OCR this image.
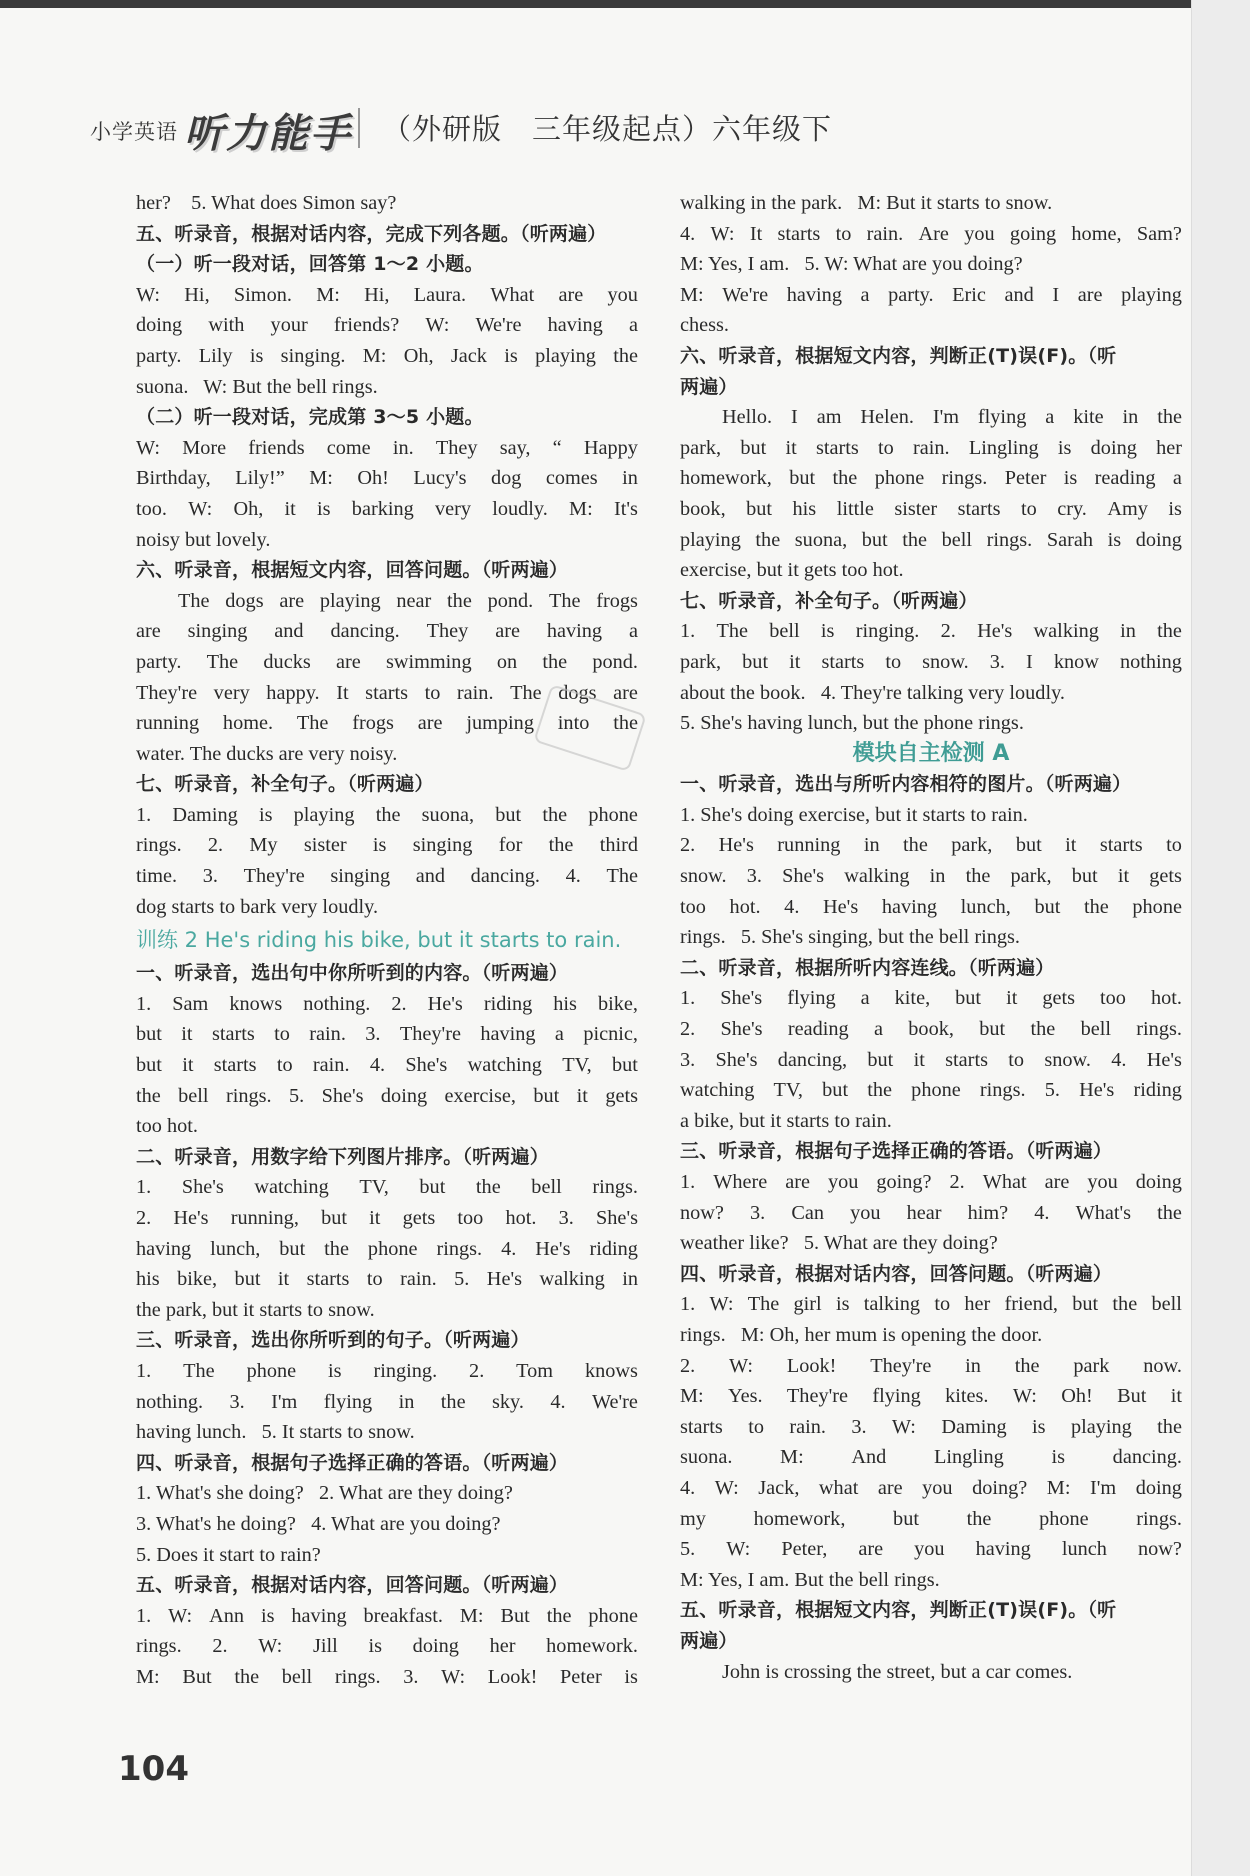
小学英语 听力能手 （外研版　三年级起点）六年级下
her?    5. What does Simon say?
五、听录音，根据对话内容，完成下列各题。（听两遍）
（一）听一段对话，回答第 1～2 小题。
W: Hi, Simon. M: Hi, Laura. What are you
doing with your friends? W: We're having a
party. Lily is singing. M: Oh, Jack is playing the
suona.   W: But the bell rings.
（二）听一段对话，完成第 3～5 小题。
W: More friends come in. They say, “ Happy
Birthday, Lily!” M: Oh! Lucy's dog comes in
too. W: Oh, it is barking very loudly. M: It's
noisy but lovely.
六、听录音，根据短文内容，回答问题。（听两遍）
The dogs are playing near the pond. The frogs
are singing and dancing. They are having a
party. The ducks are swimming on the pond.
They're very happy. It starts to rain. The dogs are
running home. The frogs are jumping into the
water. The ducks are very noisy.
七、听录音，补全句子。（听两遍）
1. Daming is playing the suona, but the phone
rings. 2. My sister is singing for the third
time. 3. They're singing and dancing. 4. The
dog starts to bark very loudly.
训练 2 He's riding his bike, but it starts to rain.
一、听录音，选出句中你所听到的内容。（听两遍）
1. Sam knows nothing. 2. He's riding his bike,
but it starts to rain. 3. They're having a picnic,
but it starts to rain. 4. She's watching TV, but
the bell rings. 5. She's doing exercise, but it gets
too hot.
二、听录音，用数字给下列图片排序。（听两遍）
1. She's watching TV, but the bell rings.
2. He's running, but it gets too hot. 3. She's
having lunch, but the phone rings. 4. He's riding
his bike, but it starts to rain. 5. He's walking in
the park, but it starts to snow.
三、听录音，选出你所听到的句子。（听两遍）
1. The phone is ringing. 2. Tom knows
nothing. 3. I'm flying in the sky. 4. We're
having lunch.   5. It starts to snow.
四、听录音，根据句子选择正确的答语。（听两遍）
1. What's she doing?   2. What are they doing?
3. What's he doing?   4. What are you doing?
5. Does it start to rain?
五、听录音，根据对话内容，回答问题。（听两遍）
1. W: Ann is having breakfast. M: But the phone
rings. 2. W: Jill is doing her homework.
M: But the bell rings. 3. W: Look! Peter is
walking in the park.   M: But it starts to snow.
4. W: It starts to rain. Are you going home, Sam?
M: Yes, I am.   5. W: What are you doing?
M: We're having a party. Eric and I are playing
chess.
六、听录音，根据短文内容，判断正(T)误(F)。（听
两遍）
Hello. I am Helen. I'm flying a kite in the
park, but it starts to rain. Lingling is doing her
homework, but the phone rings. Peter is reading a
book, but his little sister starts to cry. Amy is
playing the suona, but the bell rings. Sarah is doing
exercise, but it gets too hot.
七、听录音，补全句子。（听两遍）
1. The bell is ringing. 2. He's walking in the
park, but it starts to snow. 3. I know nothing
about the book.   4. They're talking very loudly.
5. She's having lunch, but the phone rings.
模块自主检测 A
一、听录音，选出与所听内容相符的图片。（听两遍）
1. She's doing exercise, but it starts to rain.
2. He's running in the park, but it starts to
snow. 3. She's walking in the park, but it gets
too hot. 4. He's having lunch, but the phone
rings.   5. She's singing, but the bell rings.
二、听录音，根据所听内容连线。（听两遍）
1. She's flying a kite, but it gets too hot.
2. She's reading a book, but the bell rings.
3. She's dancing, but it starts to snow. 4. He's
watching TV, but the phone rings. 5. He's riding
a bike, but it starts to rain.
三、听录音，根据句子选择正确的答语。（听两遍）
1. Where are you going? 2. What are you doing
now? 3. Can you hear him? 4. What's the
weather like?   5. What are they doing?
四、听录音，根据对话内容，回答问题。（听两遍）
1. W: The girl is talking to her friend, but the bell
rings.   M: Oh, her mum is opening the door.
2. W: Look! They're in the park now.
M: Yes. They're flying kites. W: Oh! But it
starts to rain. 3. W: Daming is playing the
suona. M: And Lingling is dancing.
4. W: Jack, what are you doing? M: I'm doing
my homework, but the phone rings.
5. W: Peter, are you having lunch now?
M: Yes, I am. But the bell rings.
五、听录音，根据短文内容，判断正(T)误(F)。（听
两遍）
John is crossing the street, but a car comes.
104
